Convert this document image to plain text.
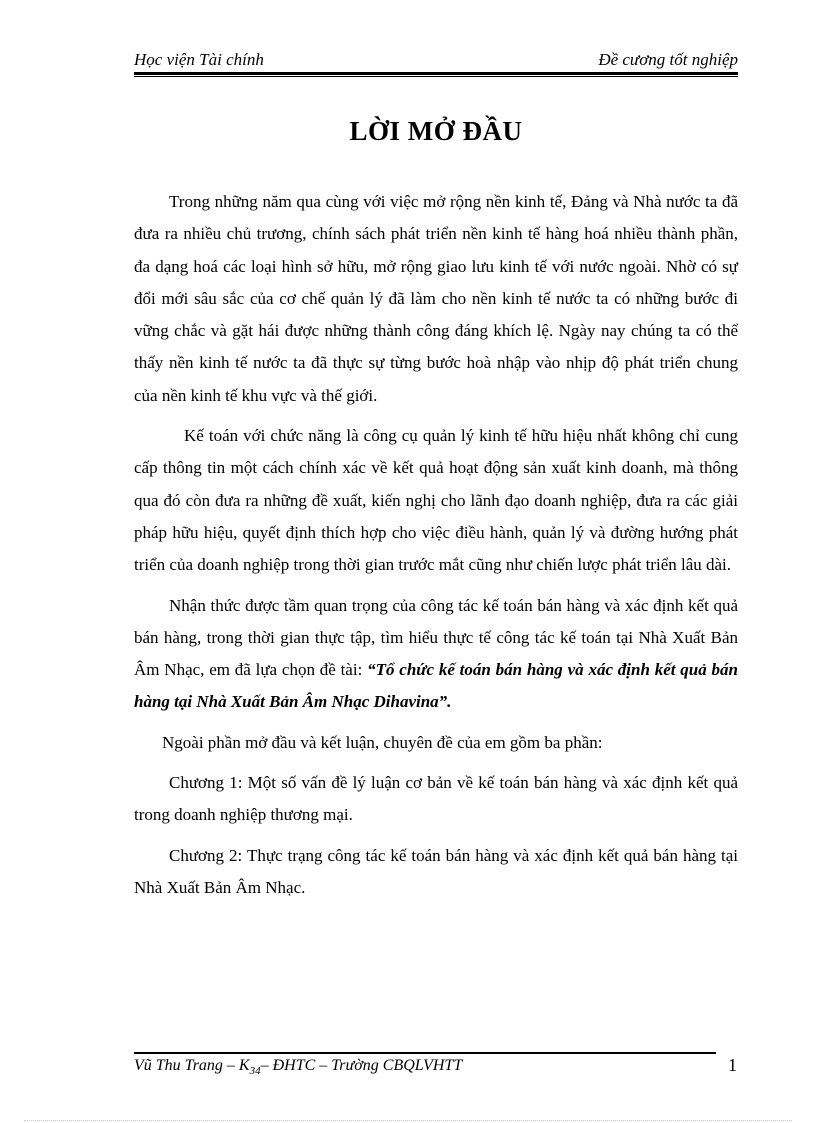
Học viện Tài chính	Đề cương tốt nghiệp
LỜI MỞ ĐẦU

Trong những năm qua cùng với việc mở rộng nền kinh tế, Đảng và Nhà nước ta đã đưa ra nhiều chủ trương, chính sách phát triển nền kinh tế hàng hoá nhiều thành phần, đa dạng hoá các loại hình sở hữu, mở rộng giao lưu kinh tế với nước ngoài. Nhờ có sự đổi mới sâu sắc của cơ chế quản lý đã làm cho nền kinh tế nước ta có những bước đi vững chắc và gặt hái được những thành công đáng khích lệ. Ngày nay chúng ta có thể thấy nền kinh tế nước ta đã thực sự từng bước hoà nhập vào nhịp độ phát triển chung của nền kinh tế khu vực và thế giới.

Kế toán với chức năng là công cụ quản lý kinh tế hữu hiệu nhất không chỉ cung cấp thông tin một cách chính xác về kết quả hoạt động sản xuất kinh doanh, mà thông qua đó còn đưa ra những đề xuất, kiến nghị cho lãnh đạo doanh nghiệp, đưa ra các giải pháp hữu hiệu, quyết định thích hợp cho việc điều hành, quản lý và đường hướng phát triển của doanh nghiệp trong thời gian trước mắt cũng như chiến lược phát triển lâu dài.

Nhận thức được tầm quan trọng của công tác kế toán bán hàng và xác định kết quả bán hàng, trong thời gian thực tập, tìm hiểu thực tế công tác kế toán tại Nhà Xuất Bản Âm Nhạc, em đã lựa chọn đề tài: “Tổ chức kế toán bán hàng và xác định kết quả bán hàng tại Nhà Xuất Bản Âm Nhạc Dihavina”.

Ngoài phần mở đầu và kết luận, chuyên đề của em gồm ba phần:

Chương 1: Một số vấn đề lý luận cơ bản về kế toán bán hàng và xác định kết quả trong doanh nghiệp thương mại.

Chương 2: Thực trạng công tác kế toán bán hàng và xác định kết quả bán hàng tại Nhà Xuất Bản Âm Nhạc.

Vũ Thu Trang – $K_{34}-$ ĐHTC – Trường CBQLVHTT	1
